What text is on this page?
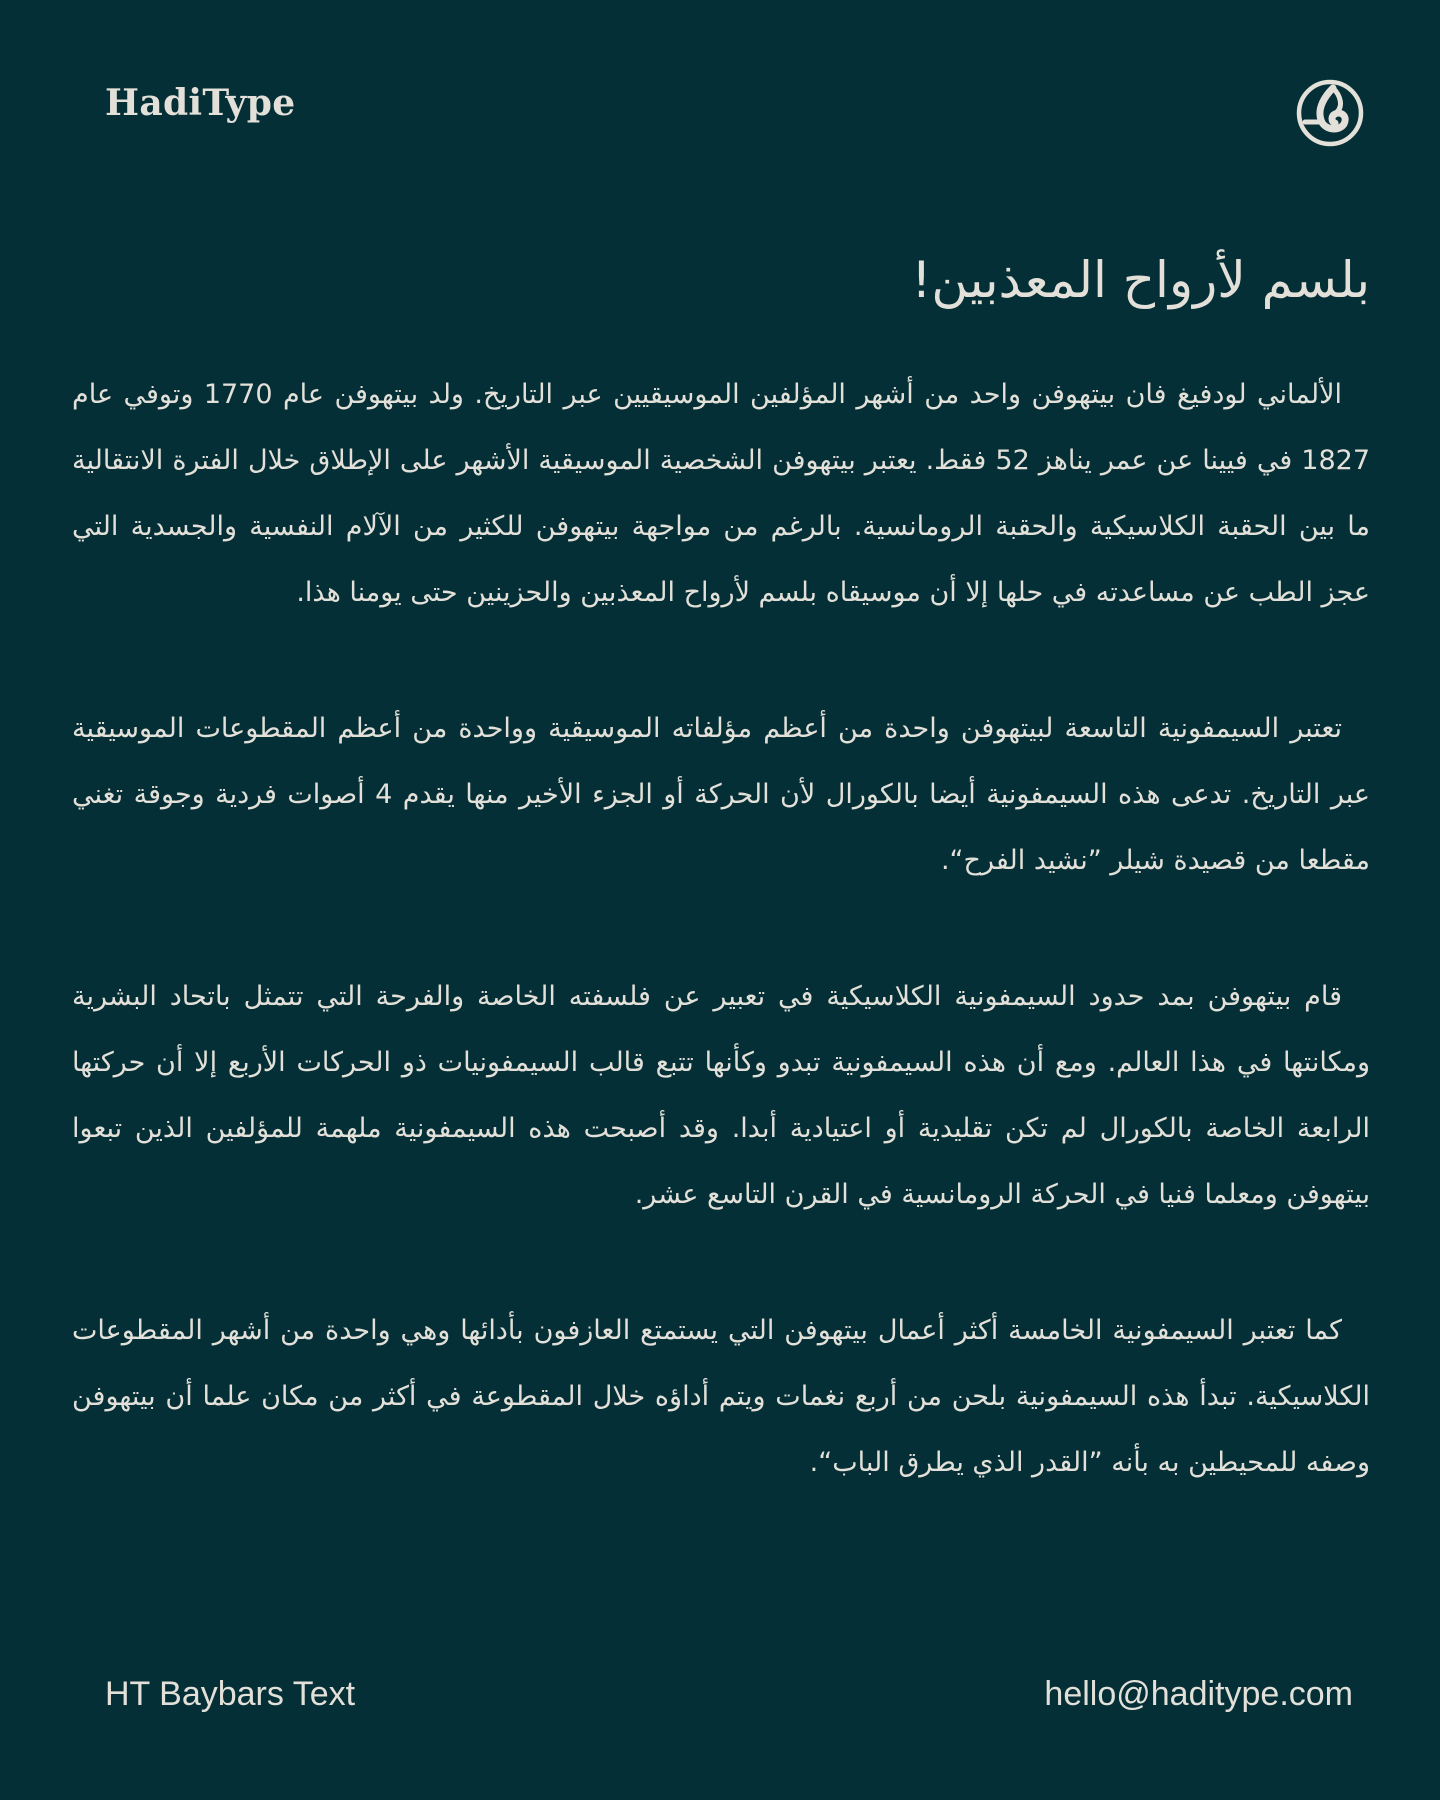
HadiType
بلسم لأرواح المعذبين!

الألماني لودفيغ فان بيتهوفن واحد من أشهر المؤلفين الموسيقيين عبر التاريخ. ولد بيتهوفن عام 1770 وتوفي عام 1827 في فيينا عن عمر يناهز 52 فقط. يعتبر بيتهوفن الشخصية الموسيقية الأشهر على الإطلاق خلال الفترة الانتقالية ما بين الحقبة الكلاسيكية والحقبة الرومانسية. بالرغم من مواجهة بيتهوفن للكثير من الآلام النفسية والجسدية التي عجز الطب عن مساعدته في حلها إلا أن موسيقاه بلسم لأرواح المعذبين والحزينين حتى يومنا هذا.

تعتبر السيمفونية التاسعة لبيتهوفن واحدة من أعظم مؤلفاته الموسيقية وواحدة من أعظم المقطوعات الموسيقية عبر التاريخ. تدعى هذه السيمفونية أيضا بالكورال لأن الحركة أو الجزء الأخير منها يقدم 4 أصوات فردية وجوقة تغني مقطعا من قصيدة شيلر ”نشيد الفرح“.

قام بيتهوفن بمد حدود السيمفونية الكلاسيكية في تعبير عن فلسفته الخاصة والفرحة التي تتمثل باتحاد البشرية ومكانتها في هذا العالم. ومع أن هذه السيمفونية تبدو وكأنها تتبع قالب السيمفونيات ذو الحركات الأربع إلا أن حركتها الرابعة الخاصة بالكورال لم تكن تقليدية أو اعتيادية أبدا. وقد أصبحت هذه السيمفونية ملهمة للمؤلفين الذين تبعوا بيتهوفن ومعلما فنيا في الحركة الرومانسية في القرن التاسع عشر.

كما تعتبر السيمفونية الخامسة أكثر أعمال بيتهوفن التي يستمتع العازفون بأدائها وهي واحدة من أشهر المقطوعات الكلاسيكية. تبدأ هذه السيمفونية بلحن من أربع نغمات ويتم أداؤه خلال المقطوعة في أكثر من مكان علما أن بيتهوفن وصفه للمحيطين به بأنه ”القدر الذي يطرق الباب“.

HT Baybars Text	hello@haditype.com
